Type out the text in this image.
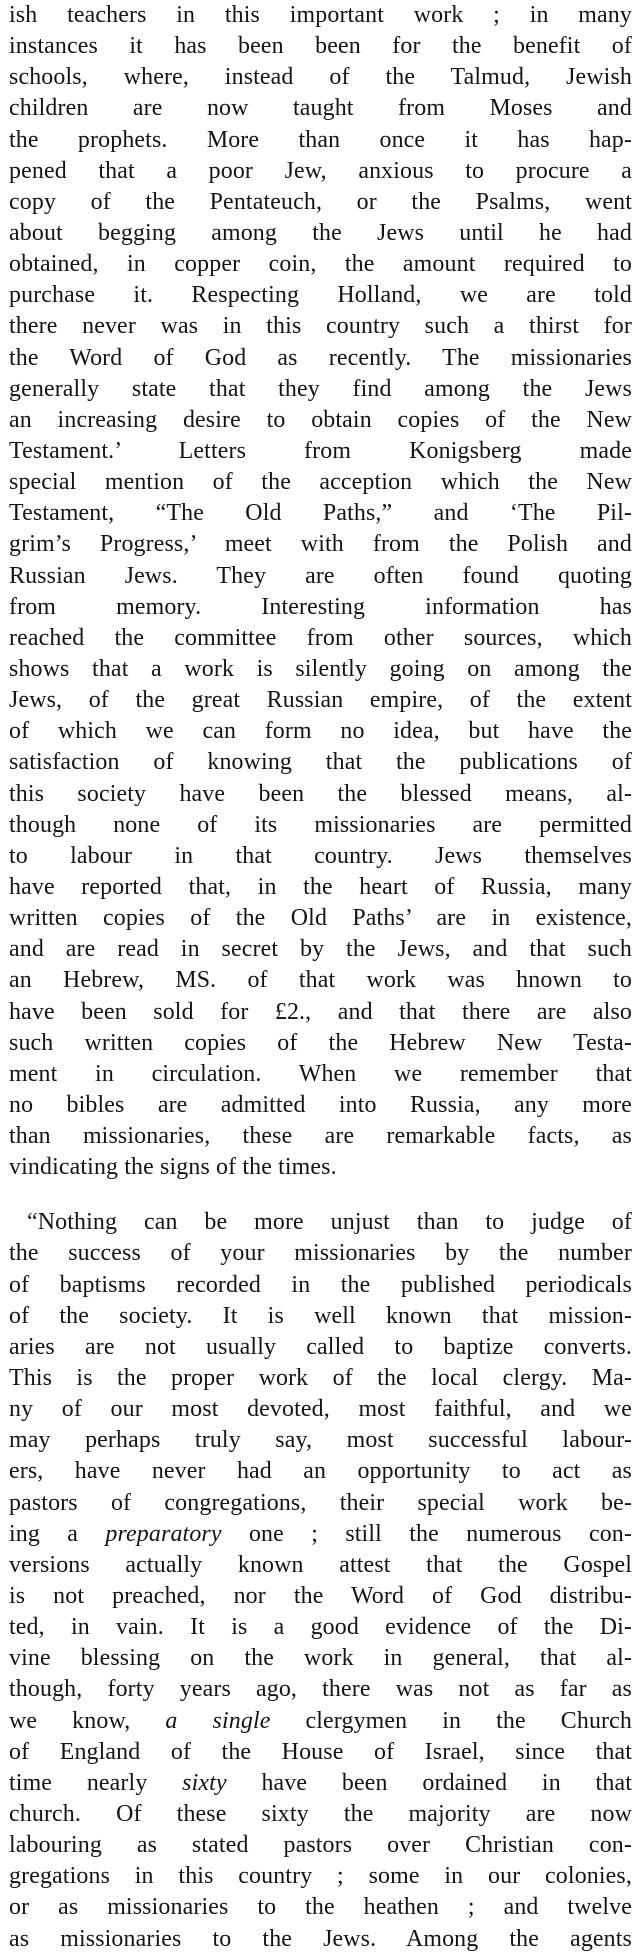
ish teachers in this important work ; in many
instances it has been been for the benefit of
schools, where, instead of the Talmud, Jewish
children are now taught from Moses and
the prophets. More than once it has hap-
pened that a poor Jew, anxious to procure a
copy of the Pentateuch, or the Psalms, went
about begging among the Jews until he had
obtained, in copper coin, the amount required to
purchase it. Respecting Holland, we are told
there never was in this country such a thirst for
the Word of God as recently. The missionaries
generally state that they find among the Jews
an increasing desire to obtain copies of the New
Testament.’ Letters from Konigsberg made
special mention of the acception which the New
Testament, “The Old Paths,” and ‘The Pil-
grim’s Progress,’ meet with from the Polish and
Russian Jews. They are often found quoting
from memory. Interesting information has
reached the committee from other sources, which
shows that a work is silently going on among the
Jews, of the great Russian empire, of the extent
of which we can form no idea, but have the
satisfaction of knowing that the publications of
this society have been the blessed means, al-
though none of its missionaries are permitted
to labour in that country. Jews themselves
have reported that, in the heart of Russia, many
written copies of the Old Paths’ are in existence,
and are read in secret by the Jews, and that such
an Hebrew, MS. of that work was hnown to
have been sold for £2., and that there are also
such written copies of the Hebrew New Testa-
ment in circulation. When we remember that
no bibles are admitted into Russia, any more
than missionaries, these are remarkable facts, as
vindicating the signs of the times.
“Nothing can be more unjust than to judge of
the success of your missionaries by the number
of baptisms recorded in the published periodicals
of the society. It is well known that mission-
aries are not usually called to baptize converts.
This is the proper work of the local clergy. Ma-
ny of our most devoted, most faithful, and we
may perhaps truly say, most successful labour-
ers, have never had an opportunity to act as
pastors of congregations, their special work be-
ing a preparatory one ; still the numerous con-
versions actually known attest that the Gospel
is not preached, nor the Word of God distribu-
ted, in vain. It is a good evidence of the Di-
vine blessing on the work in general, that al-
though, forty years ago, there was not as far as
we know, a single clergymen in the Church
of England of the House of Israel, since that
time nearly sixty have been ordained in that
church. Of these sixty the majority are now
labouring as stated pastors over Christian con-
gregations in this country ; some in our colonies,
or as missionaries to the heathen ; and twelve
as missionaries to the Jews. Among the agents
